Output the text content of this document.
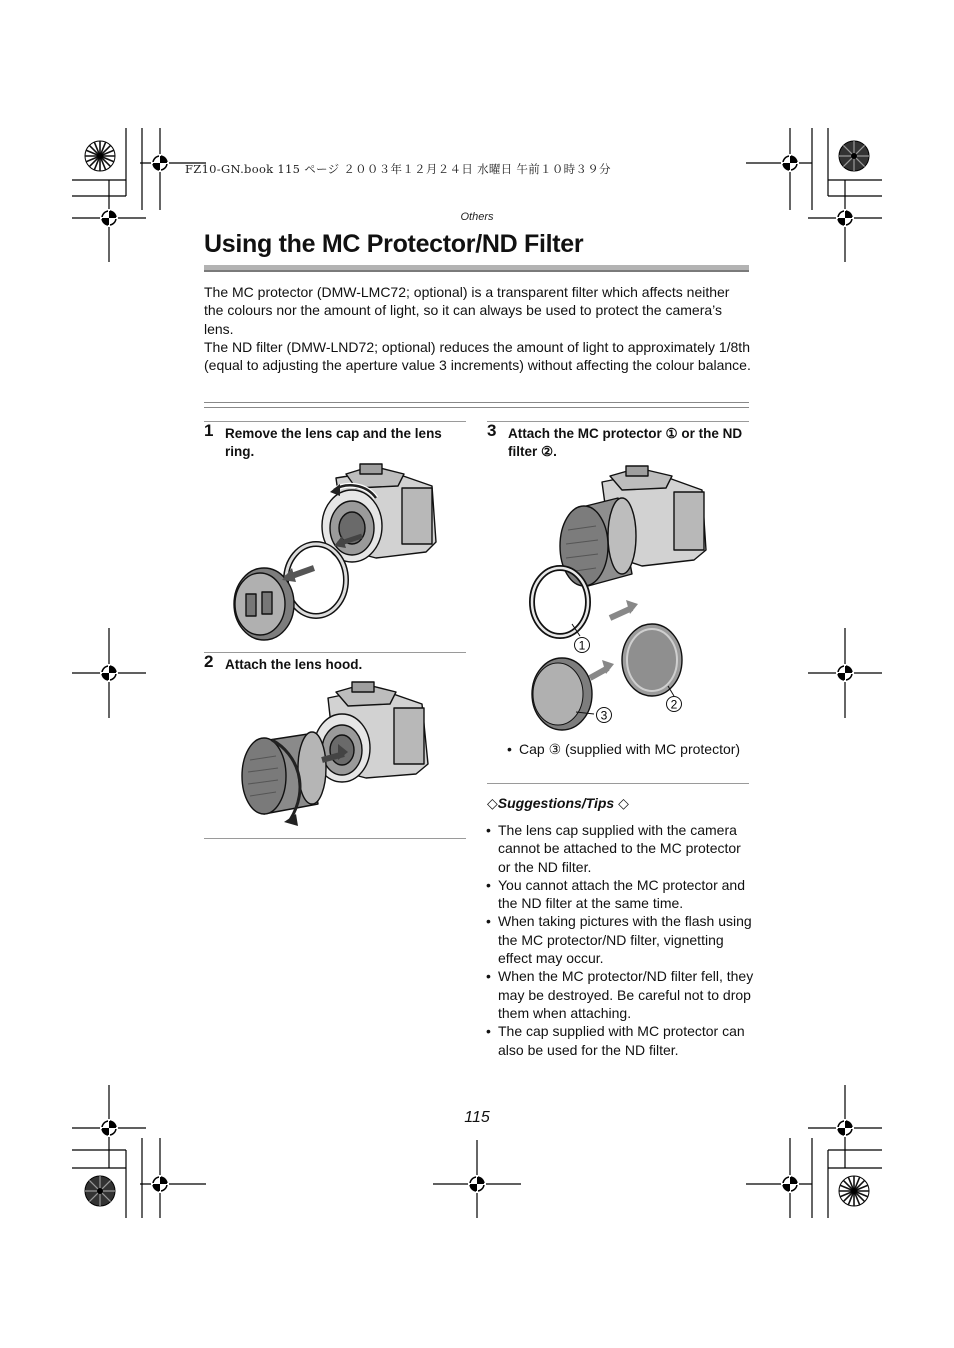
FZ10-GN.book 115 ページ ２００３年１２月２４日 水曜日 午前１０時３９分
Others
Using the MC Protector/ND Filter

The MC protector (DMW-LMC72; optional) is a transparent filter which affects neither the colours nor the amount of light, so it can always be used to protect the camera’s lens.

The ND filter (DMW-LND72; optional) reduces the amount of light to approximately 1/8th (equal to adjusting the aperture value 3 increments) without affecting the colour balance.

1 Remove the lens cap and the lens ring.
2 Attach the lens hood.
3 Attach the MC protector ① or the ND filter ②.
1
2
3
• Cap ③ (supplied with MC protector)
◇Suggestions/Tips ◇
• The lens cap supplied with the camera cannot be attached to the MC protector or the ND filter.
• You cannot attach the MC protector and the ND filter at the same time.
• When taking pictures with the flash using the MC protector/ND filter, vignetting effect may occur.
• When the MC protector/ND filter fell, they may be destroyed. Be careful not to drop them when attaching.
• The cap supplied with MC protector can also be used for the ND filter.
115
